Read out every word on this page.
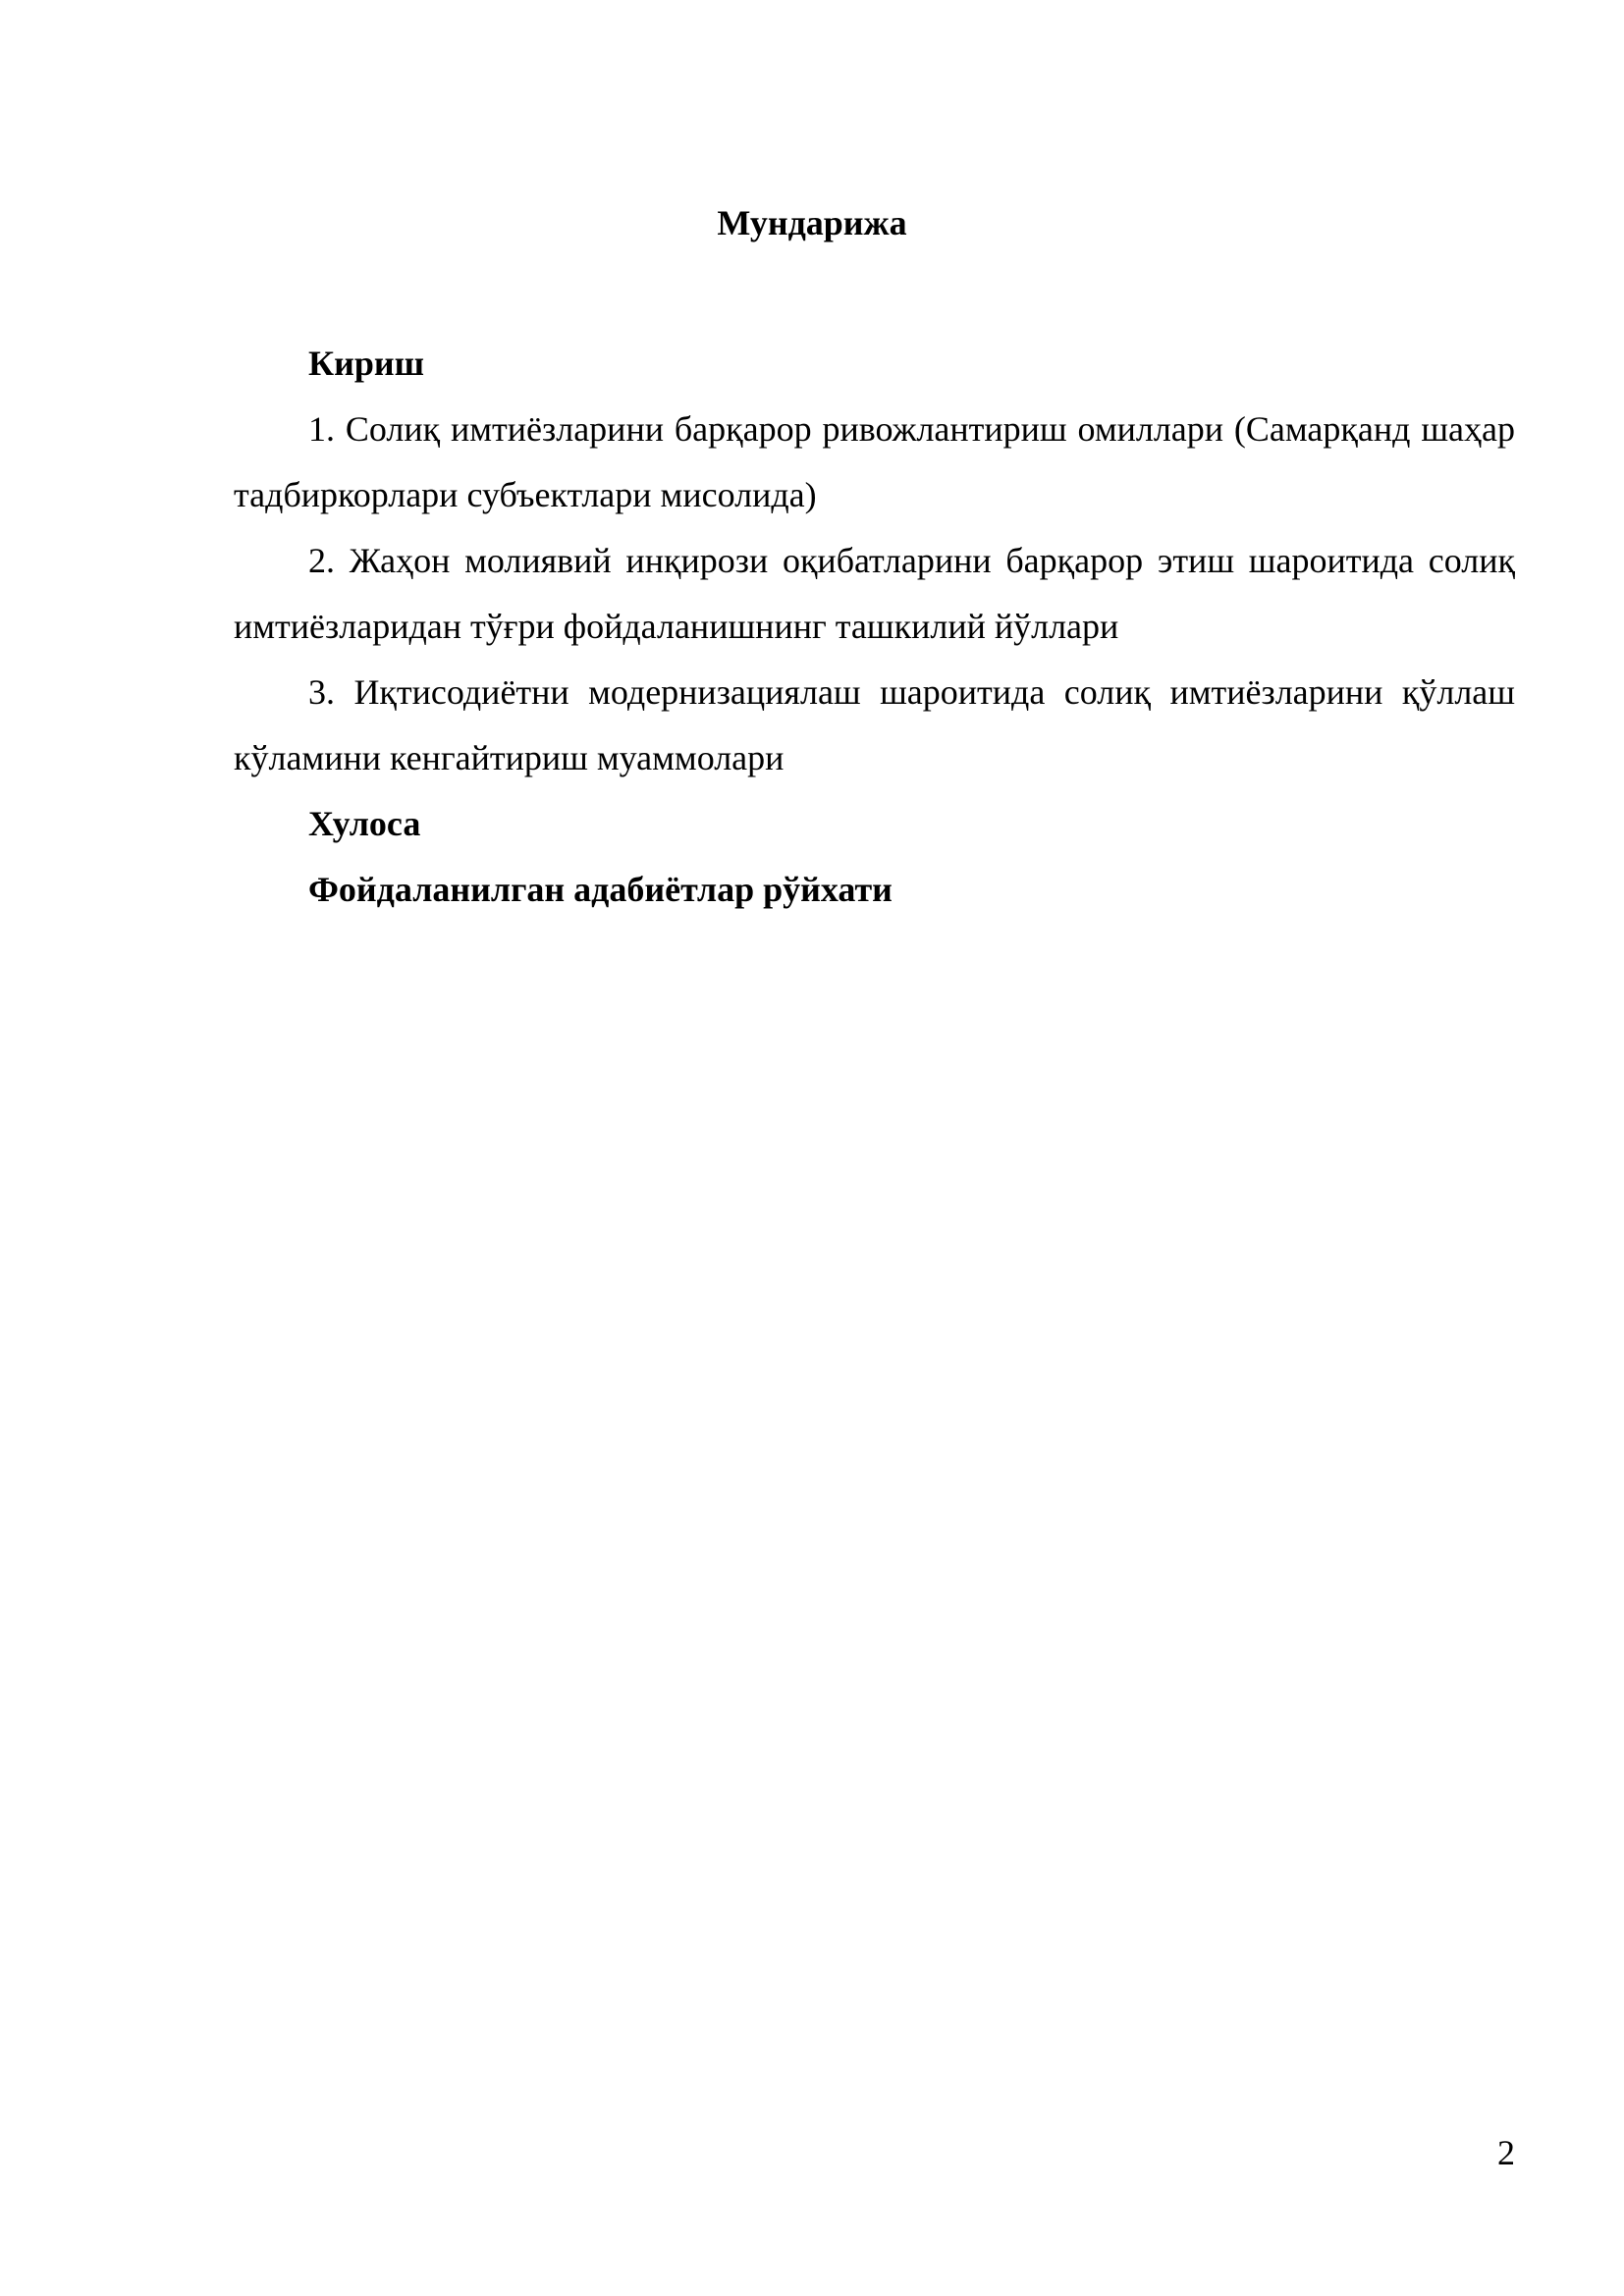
Мундарижа

Кириш

1. Солиқ имтиёзларини барқарор ривожлантириш омиллари (Самарқанд шаҳар тадбиркорлари субъектлари мисолида)

2. Жаҳон молиявий инқирози оқибатларини барқарор этиш шароитида солиқ имтиёзларидан тўғри фойдаланишнинг ташкилий йўллари

3. Иқтисодиётни модернизациялаш шароитида солиқ имтиёзларини қўллаш кўламини кенгайтириш муаммолари

Хулоса

Фойдаланилган адабиётлар рўйхати

2
